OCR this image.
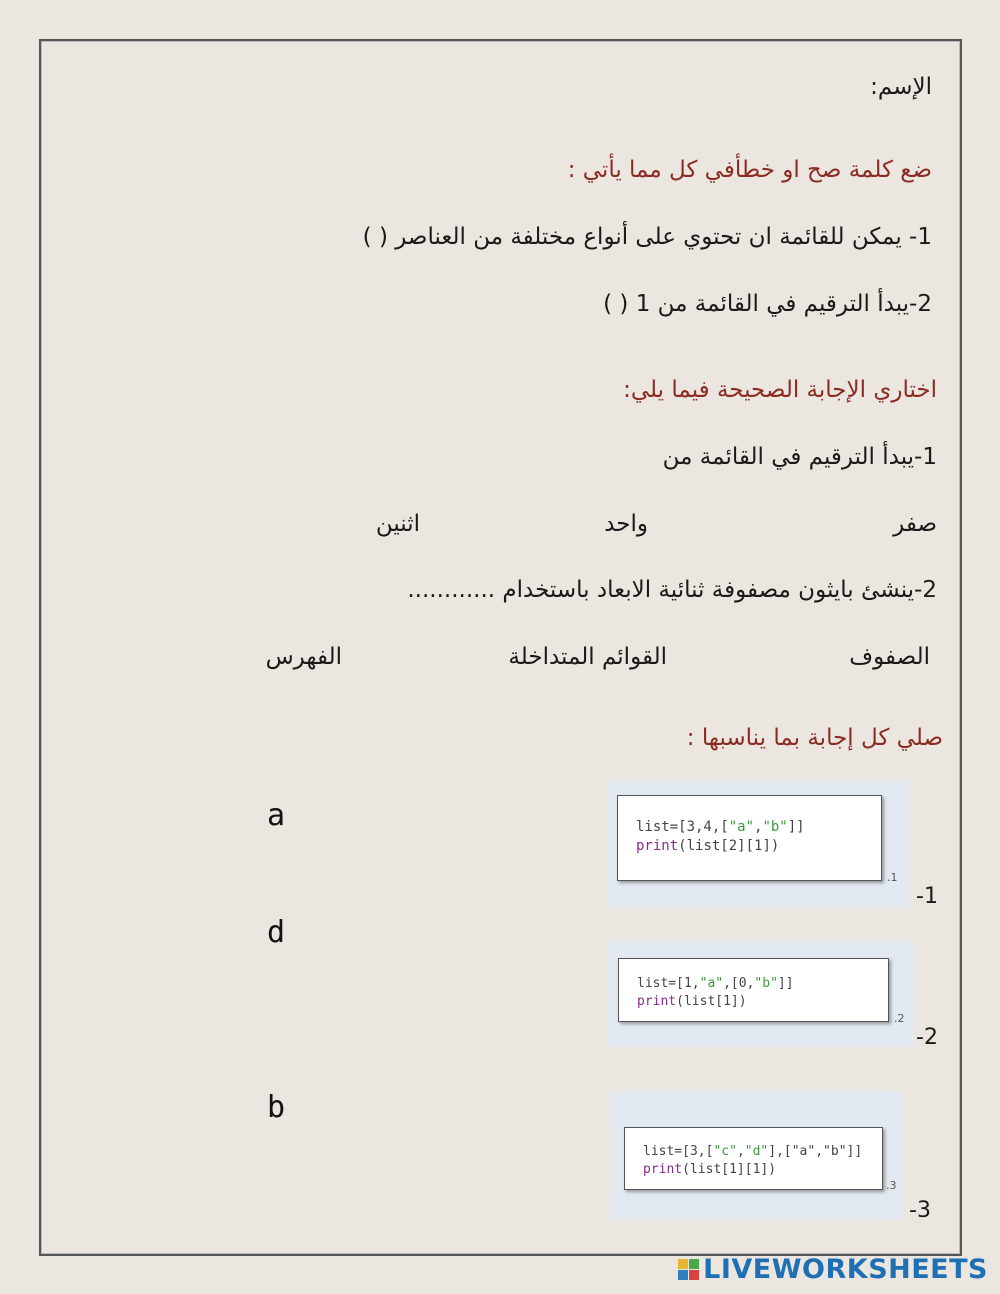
الإسم:
ضع كلمة صح او خطأفي كل مما يأتي :
1- يمكن للقائمة ان تحتوي على أنواع مختلفة من العناصر ( )
2-يبدأ الترقيم في القائمة من 1 ( )
اختاري الإجابة الصحيحة فيما يلي:
1-يبدأ الترقيم في القائمة من
صفر
واحد
اثنين
2-ينشئ بايثون مصفوفة ثنائية الابعاد باستخدام ............
الصفوف
القوائم المتداخلة
الفهرس
صلي كل إجابة بما يناسبها :
a
d
b
list=[3,4,["a","b"]]
print(list[2][1])
.1
-1
list=[1,"a",[0,"b"]]
print(list[1])
.2
-2
list=[3,["c","d"],["a","b"]]
print(list[1][1])
.3
-3
LIVEWORKSHEETS
